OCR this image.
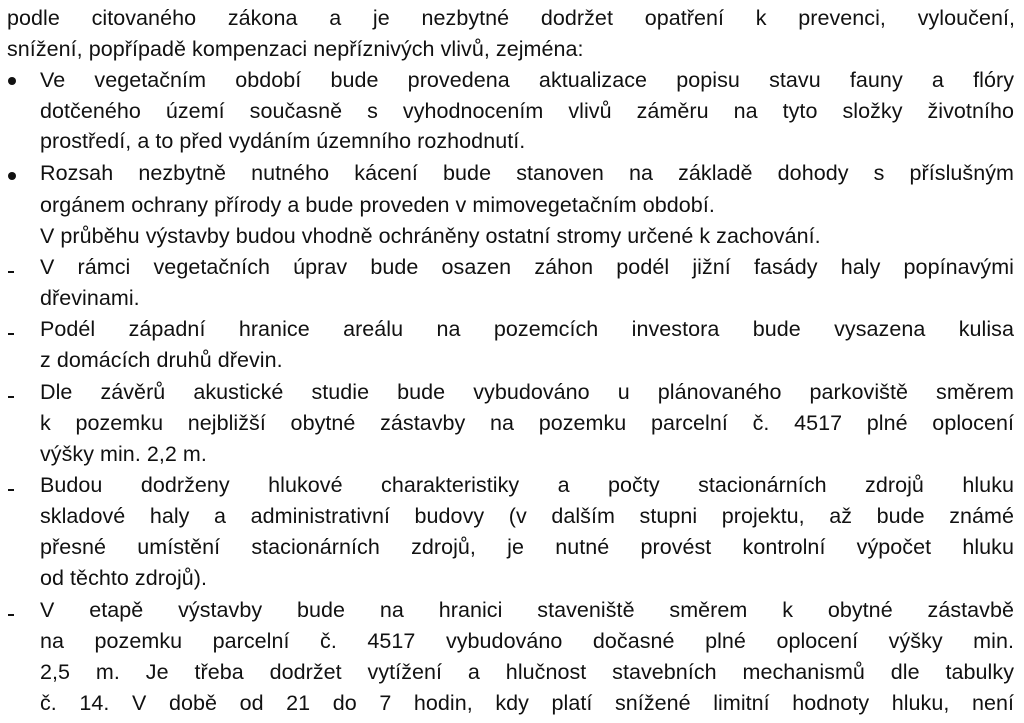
podle citovaného zákona a je nezbytné dodržet opatření k prevenci, vyloučení,
snížení, popřípadě kompenzaci nepříznivých vlivů, zejména:
Ve vegetačním období bude provedena aktualizace popisu stavu fauny a flóry
dotčeného území současně s vyhodnocením vlivů záměru na tyto složky životního
prostředí, a to před vydáním územního rozhodnutí.
Rozsah nezbytně nutného kácení bude stanoven na základě dohody s příslušným
orgánem ochrany přírody a bude proveden v mimovegetačním období.
V průběhu výstavby budou vhodně ochráněny ostatní stromy určené k zachování.
V rámci vegetačních úprav bude osazen záhon podél jižní fasády haly popínavými
dřevinami.
Podél západní hranice areálu na pozemcích investora bude vysazena kulisa
z domácích druhů dřevin.
Dle závěrů akustické studie bude vybudováno u plánovaného parkoviště směrem
k pozemku nejbližší obytné zástavby na pozemku parcelní č. 4517 plné oplocení
výšky min. 2,2 m.
Budou dodrženy hlukové charakteristiky a počty stacionárních zdrojů hluku
skladové haly a administrativní budovy (v dalším stupni projektu, až bude známé
přesné umístění stacionárních zdrojů, je nutné provést kontrolní výpočet hluku
od těchto zdrojů).
V etapě výstavby bude na hranici staveniště směrem k obytné zástavbě
na pozemku parcelní č. 4517 vybudováno dočasné plné oplocení výšky min.
2,5 m. Je třeba dodržet vytížení a hlučnost stavebních mechanismů dle tabulky
č. 14. V době od 21 do 7 hodin, kdy platí snížené limitní hodnoty hluku, není
